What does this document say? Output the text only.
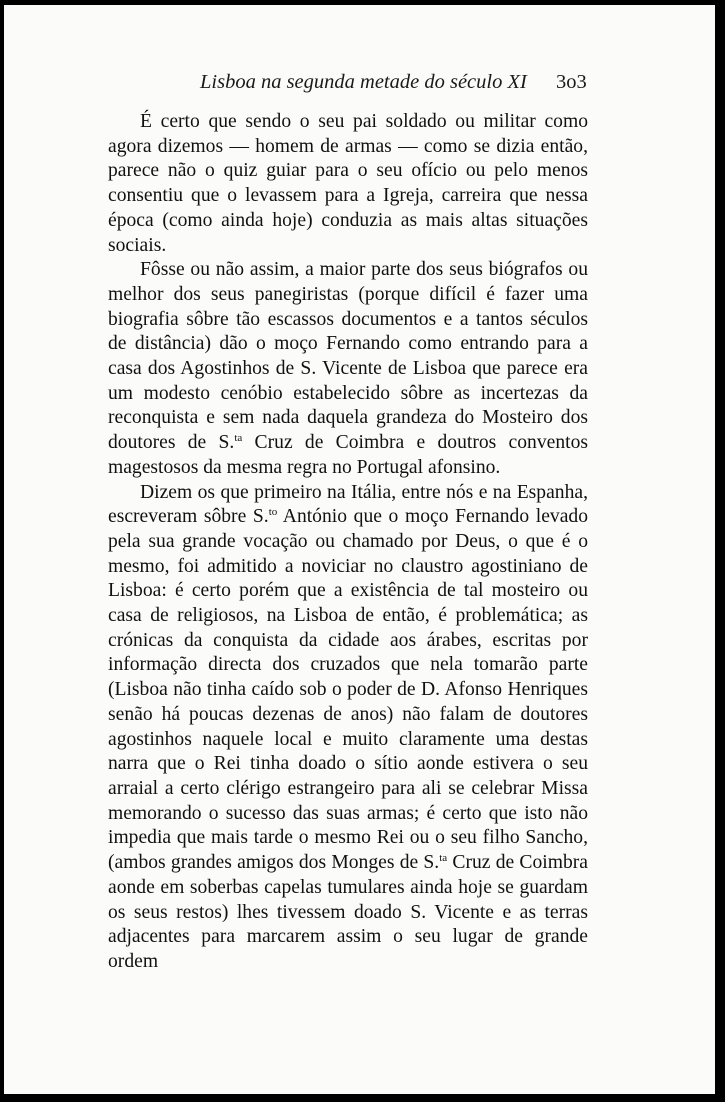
Lisboa na segunda metade do século XI 3o3

É certo que sendo o seu pai soldado ou militar como agora dizemos — homem de armas — como se dizia então, parece não o quiz guiar para o seu ofício ou pelo menos consentiu que o levassem para a Igreja, carreira que nessa época (como ainda hoje) conduzia as mais altas situações sociais.

Fôsse ou não assim, a maior parte dos seus biógrafos ou melhor dos seus panegiristas (porque difícil é fazer uma biografia sôbre tão escassos documentos e a tantos séculos de distância) dão o moço Fernando como entrando para a casa dos Agostinhos de S. Vicente de Lisboa que parece era um modesto cenóbio estabelecido sôbre as incertezas da reconquista e sem nada daquela grandeza do Mosteiro dos doutores de S.$^{ta}$ Cruz de Coimbra e doutros conventos magestosos da mesma regra no Portugal afonsino.

Dizem os que primeiro na Itália, entre nós e na Espanha, escreveram sôbre S.$^{to}$ António que o moço Fernando levado pela sua grande vocação ou chamado por Deus, o que é o mesmo, foi admitido a noviciar no claustro agostiniano de Lisboa: é certo porém que a existência de tal mosteiro ou casa de religiosos, na Lisboa de então, é problemática; as crónicas da conquista da cidade aos árabes, escritas por informação directa dos cruzados que nela tomarão parte (Lisboa não tinha caído sob o poder de D. Afonso Henriques senão há poucas dezenas de anos) não falam de doutores agostinhos naquele local e muito claramente uma destas narra que o Rei tinha doado o sítio aonde estivera o seu arraial a certo clérigo estrangeiro para ali se celebrar Missa memorando o sucesso das suas armas; é certo que isto não impedia que mais tarde o mesmo Rei ou o seu filho Sancho, (ambos grandes amigos dos Monges de S.$^{ta}$ Cruz de Coimbra aonde em soberbas capelas tumulares ainda hoje se guardam os seus restos) lhes tivessem doado S. Vicente e as terras adjacentes para marcarem assim o seu lugar de grande ordem
